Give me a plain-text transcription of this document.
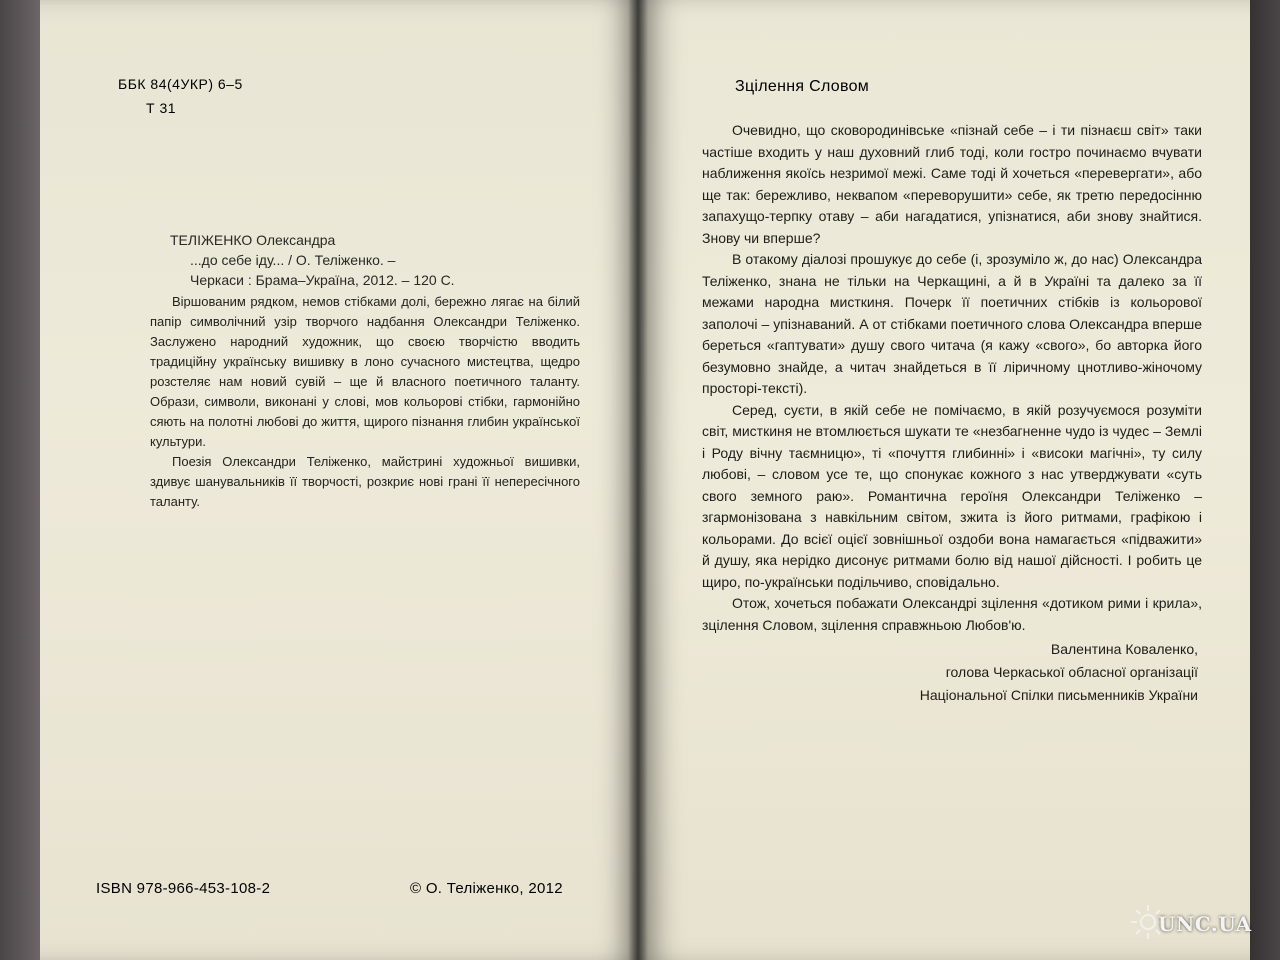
ББК 84(4УКР) 6–5
Т 31
ТЕЛІЖЕНКО Олександра
...до себе іду... / О. Теліженко. –
Черкаси : Брама–Україна, 2012. – 120 С.

Віршованим рядком, немов стібками долі, бережно лягає на білий папір символічний узір творчого надбання Олександри Теліженко. Заслужено народний художник, що своєю творчістю вводить традиційну українську вишивку в лоно сучасного мистецтва, щедро розстеляє нам новий сувій – ще й власного поетичного таланту. Образи, символи, виконані у слові, мов кольорові стібки, гармонійно сяють на полотні любові до життя, щирого пізнання глибин української культури.

Поезія Олександри Теліженко, майстрині художньої вишивки, здивує шанувальників її творчості, розкриє нові грані її непересічного таланту.

ISBN 978-966-453-108-2	© О. Теліженко, 2012
Зцілення Словом

Очевидно, що сковородинівське «пізнай себе – і ти пізнаєш світ» таки частіше входить у наш духовний глиб тоді, коли гостро починаємо вчувати наближення якоїсь незримої межі. Саме тоді й хочеться «перевергати», або ще так: бережливо, неквапом «переворушити» себе, як третю передосінню запахущо-терпку отаву – аби нагадатися, упізнатися, аби знову знайтися. Знову чи вперше?

В отакому діалозі прошукує до себе (і, зрозуміло ж, до нас) Олександра Теліженко, знана не тільки на Черкащині, а й в Україні та далеко за її межами народна мисткиня. Почерк її поетичних стібків із кольорової заполочі – упізнаваний. А от стібками поетичного слова Олександра вперше береться «гаптувати» душу свого читача (я кажу «свого», бо авторка його безумовно знайде, а читач знайдеться в її ліричному цнотливо-жіночому просторі-тексті).

Серед, суєти, в якій себе не помічаємо, в якій розучуємося розуміти світ, мисткиня не втомлюється шукати те «незбагненне чудо із чудес – Землі і Роду вічну таємницю», ті «почуття глибинні» і «високи магічні», ту силу любові, – словом усе те, що спонукає кожного з нас утверджувати «суть свого земного раю». Романтична героїня Олександри Теліженко – згармонізована з навкільним світом, зжита із його ритмами, графікою і кольорами. До всієї оцієї зовнішньої оздоби вона намагається «підважити» й душу, яка нерідко дисонує ритмами болю від нашої дійсності. І робить це щиро, по-українськи подільчиво, сповідально.

Отож, хочеться побажати Олександрі зцілення «дотиком рими і крила», зцілення Словом, зцілення справжньою Любов'ю.

Валентина Коваленко,
голова Черкаської обласної організації
Національної Спілки письменників України
UNC.UA
